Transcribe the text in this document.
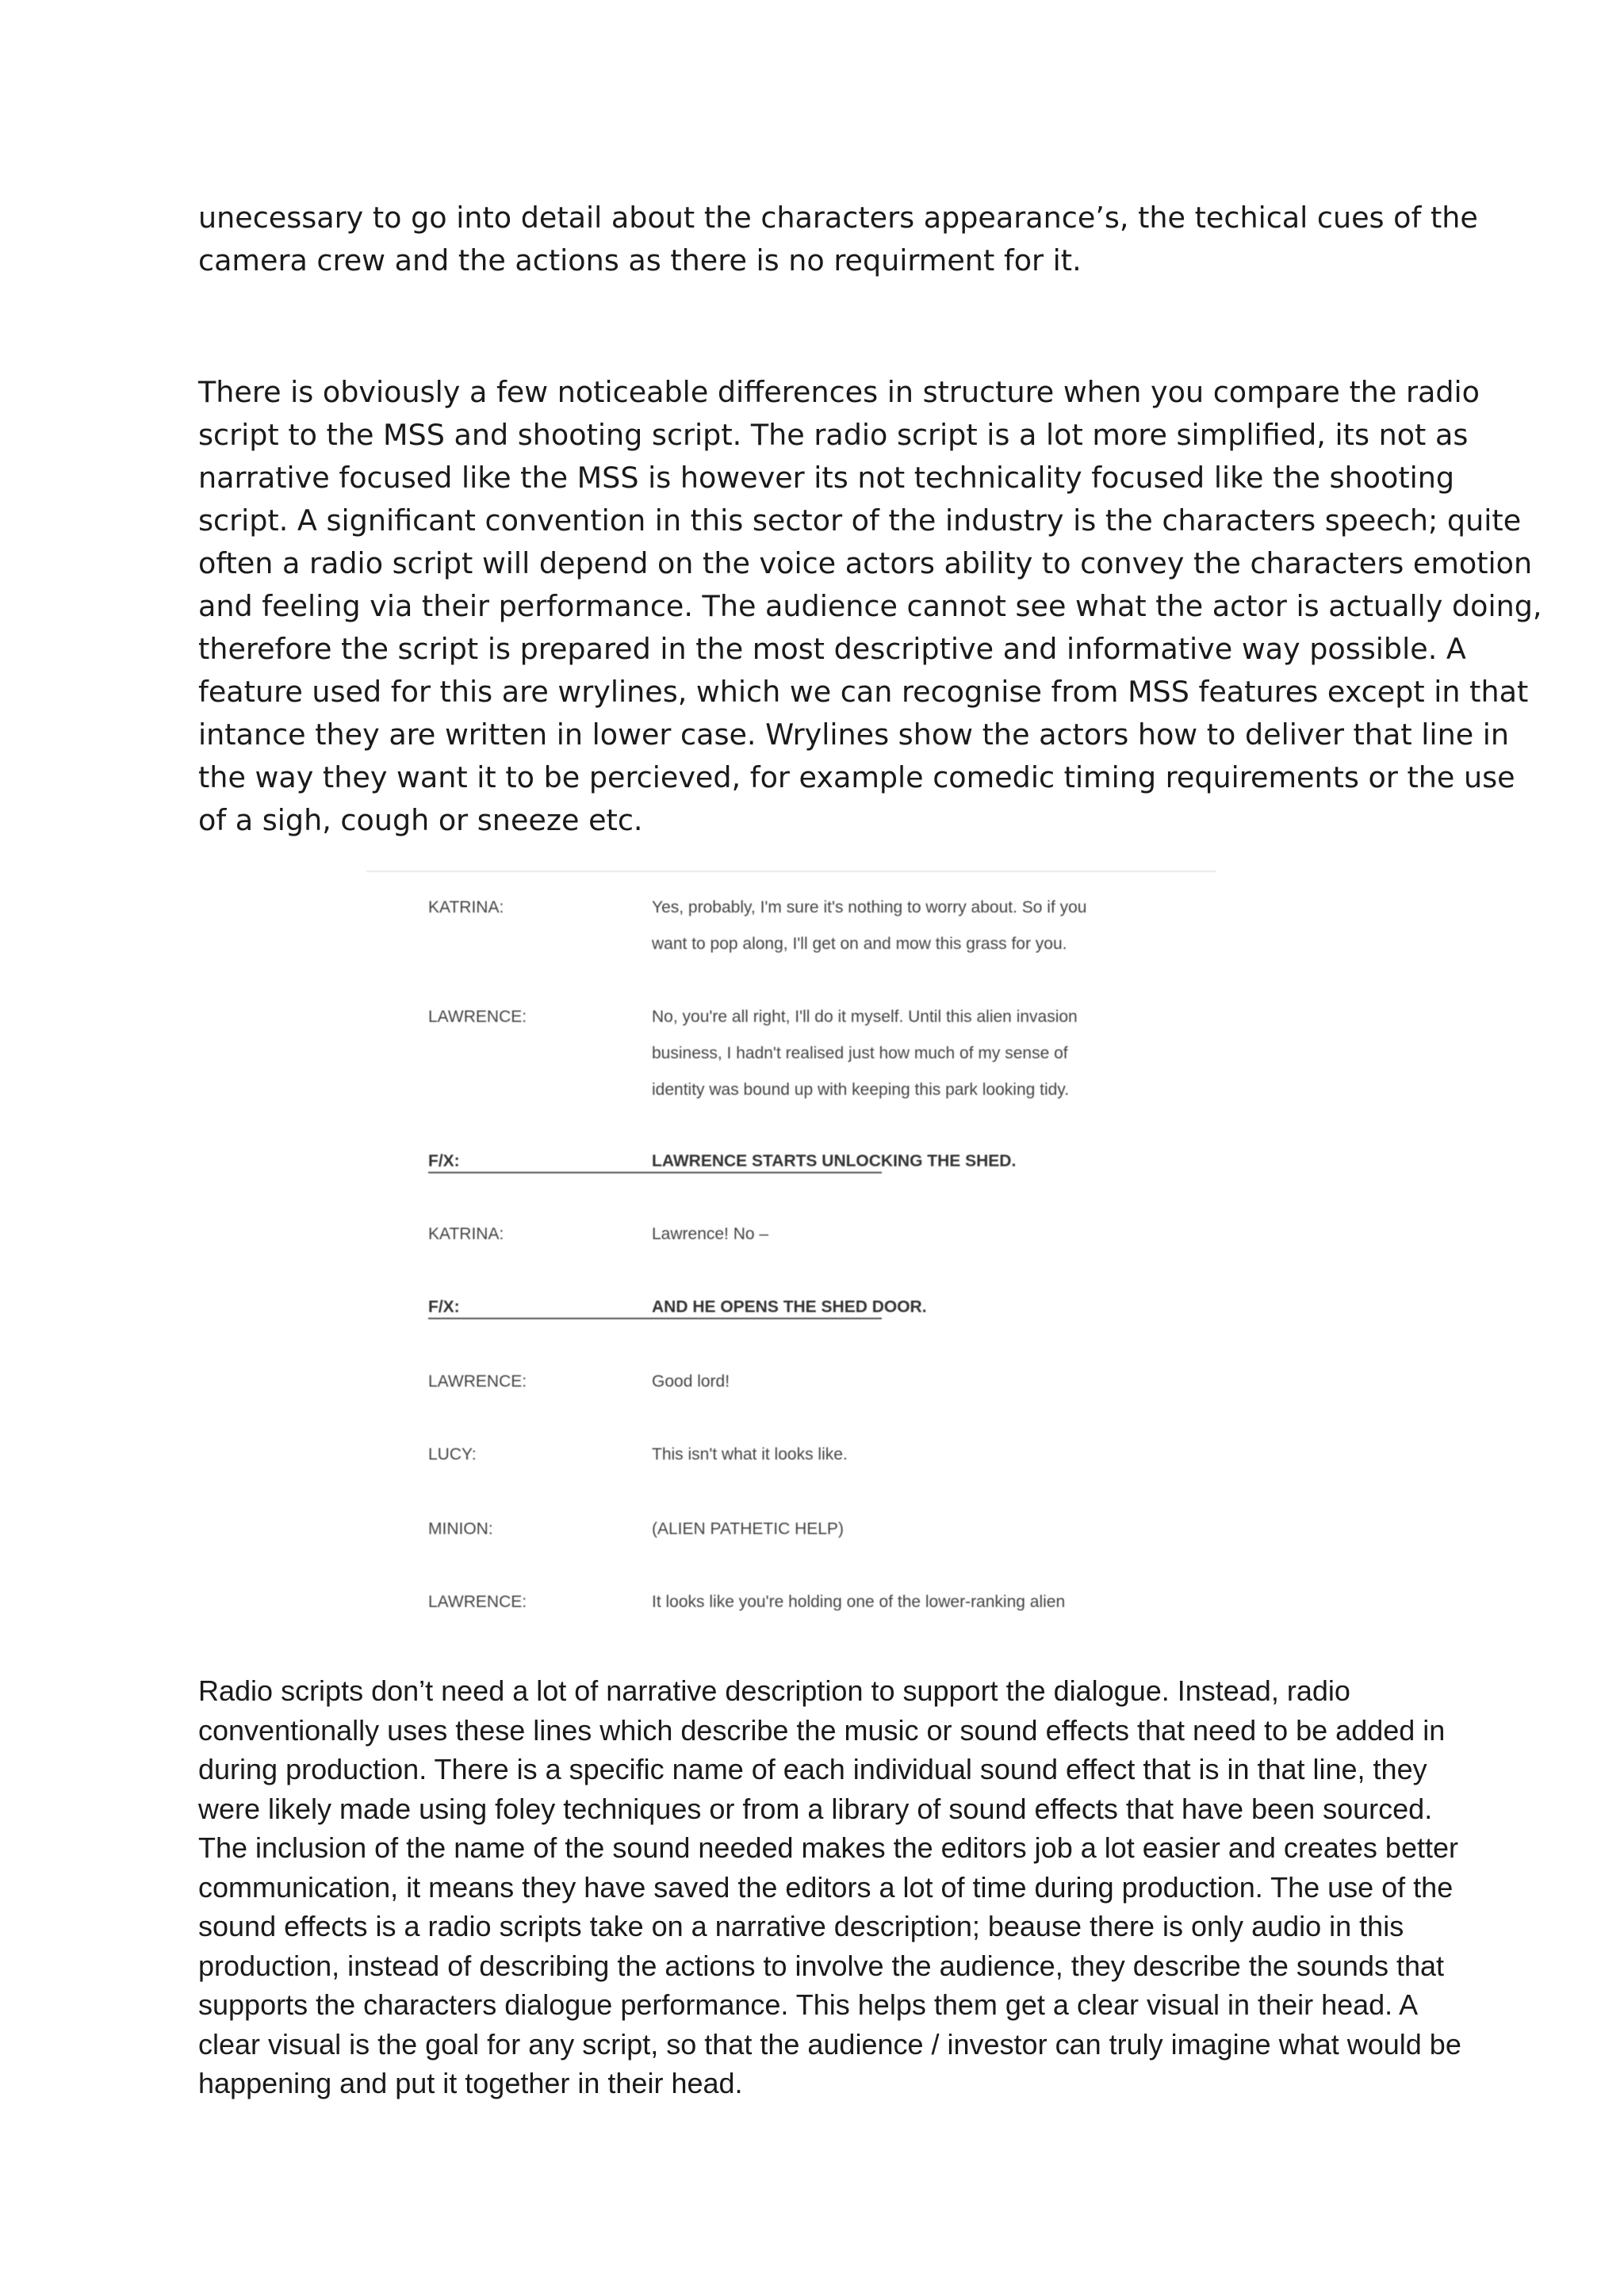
unecessary to go into detail about the characters appearance’s, the techical cues of the
camera crew and the actions as there is no requirment for it.
There is obviously a few noticeable differences in structure when you compare the radio
script to the MSS and shooting script. The radio script is a lot more simplified, its not as
narrative focused like the MSS is however its not technicality focused like the shooting
script. A significant convention in this sector of the industry is the characters speech; quite
often a radio script will depend on the voice actors ability to convey the characters emotion
and feeling via their performance. The audience cannot see what the actor is actually doing,
therefore the script is prepared in the most descriptive and informative way possible. A
feature used for this are wrylines, which we can recognise from MSS features except in that
intance they are written in lower case. Wrylines show the actors how to deliver that line in
the way they want it to be percieved, for example comedic timing requirements or the use
of a sigh, cough or sneeze etc.
KATRINA:	Yes, probably, I'm sure it's nothing to worry about. So if you
want to pop along, I'll get on and mow this grass for you.
LAWRENCE:	No, you're all right, I'll do it myself. Until this alien invasion
business, I hadn't realised just how much of my sense of
identity was bound up with keeping this park looking tidy.
F/X:	LAWRENCE STARTS UNLOCKING THE SHED.
KATRINA:	Lawrence! No –
F/X:	AND HE OPENS THE SHED DOOR.
LAWRENCE:	Good lord!
LUCY:	This isn't what it looks like.
MINION:	(ALIEN PATHETIC HELP)
LAWRENCE:	It looks like you're holding one of the lower-ranking alien
Radio scripts don’t need a lot of narrative description to support the dialogue. Instead, radio
conventionally uses these lines which describe the music or sound effects that need to be added in
during production. There is a specific name of each individual sound effect that is in that line, they
were likely made using foley techniques or from a library of sound effects that have been sourced.
The inclusion of the name of the sound needed makes the editors job a lot easier and creates better
communication, it means they have saved the editors a lot of time during production. The use of the
sound effects is a radio scripts take on a narrative description; beause there is only audio in this
production, instead of describing the actions to involve the audience, they describe the sounds that
supports the characters dialogue performance. This helps them get a clear visual in their head. A
clear visual is the goal for any script, so that the audience / investor can truly imagine what would be
happening and put it together in their head.
